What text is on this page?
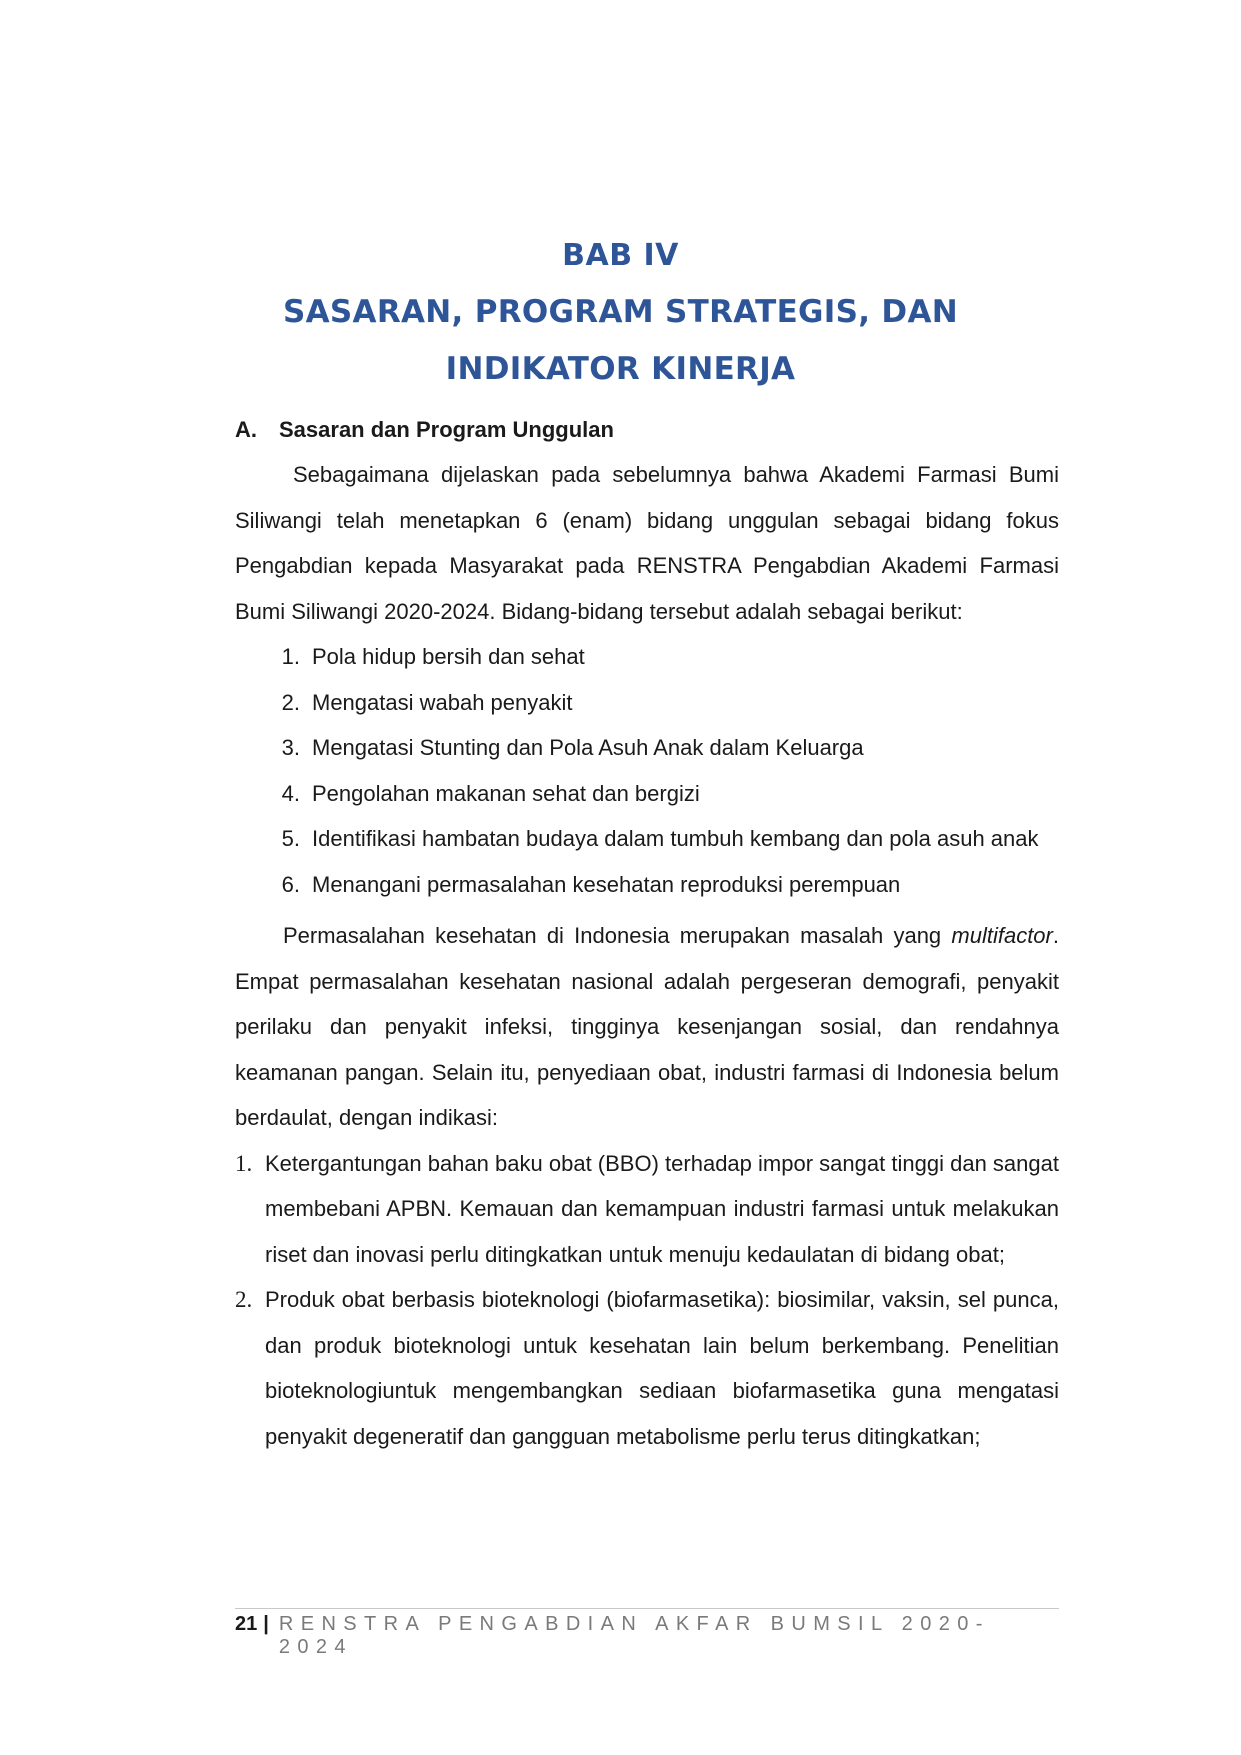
BAB IV
SASARAN, PROGRAM STRATEGIS, DAN
INDIKATOR KINERJA
A.	Sasaran dan Program Unggulan

Sebagaimana dijelaskan pada sebelumnya bahwa Akademi Farmasi Bumi Siliwangi telah menetapkan 6 (enam) bidang unggulan sebagai bidang fokus Pengabdian kepada Masyarakat pada RENSTRA Pengabdian Akademi Farmasi Bumi Siliwangi 2020-2024. Bidang-bidang tersebut adalah sebagai berikut:

1. Pola hidup bersih dan sehat
2. Mengatasi wabah penyakit
3. Mengatasi Stunting dan Pola Asuh Anak dalam Keluarga
4. Pengolahan makanan sehat dan bergizi
5. Identifikasi hambatan budaya dalam tumbuh kembang dan pola asuh anak
6. Menangani permasalahan kesehatan reproduksi perempuan

Permasalahan kesehatan di Indonesia merupakan masalah yang multifactor. Empat permasalahan kesehatan nasional adalah pergeseran demografi, penyakit perilaku dan penyakit infeksi, tingginya kesenjangan sosial, dan rendahnya keamanan pangan. Selain itu, penyediaan obat, industri farmasi di Indonesia belum berdaulat, dengan indikasi:

1. Ketergantungan bahan baku obat (BBO) terhadap impor sangat tinggi dan sangat membebani APBN. Kemauan dan kemampuan industri farmasi untuk melakukan riset dan inovasi perlu ditingkatkan untuk menuju kedaulatan di bidang obat;
2. Produk obat berbasis bioteknologi (biofarmasetika): biosimilar, vaksin, sel punca, dan produk bioteknologi untuk kesehatan lain belum berkembang. Penelitian bioteknologiuntuk mengembangkan sediaan biofarmasetika guna mengatasi penyakit degeneratif dan gangguan metabolisme perlu terus ditingkatkan;
21 | RENSTRA PENGABDIAN AKFAR BUMSIL 2020-2024
